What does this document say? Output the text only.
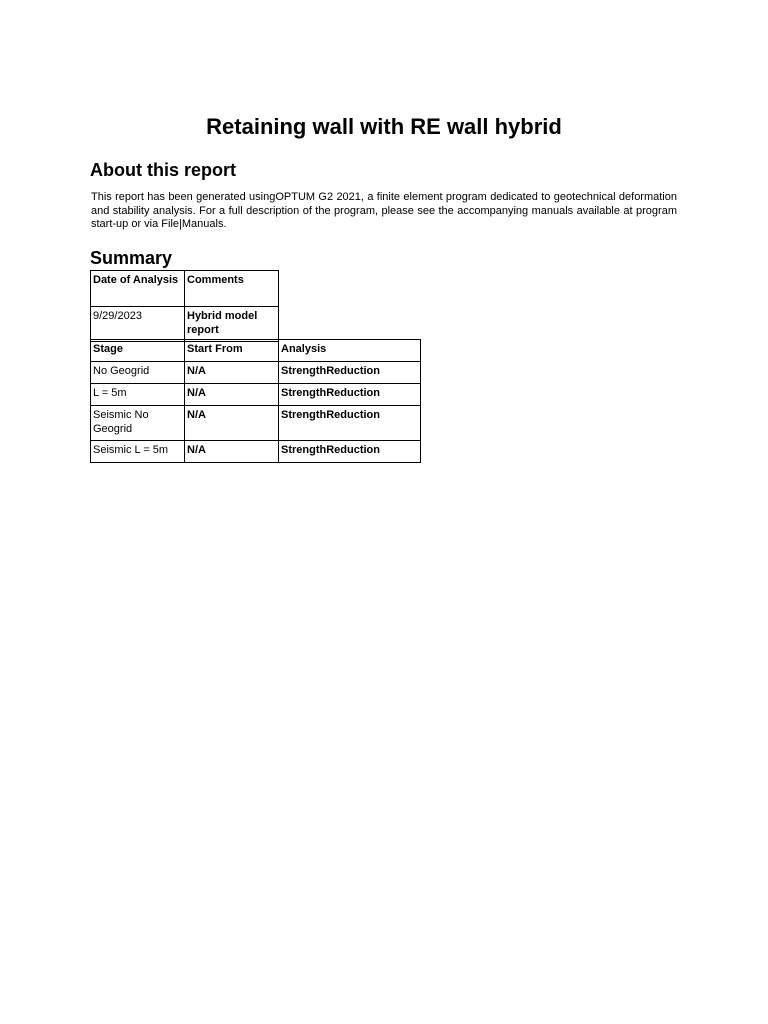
Retaining wall with RE wall hybrid
About this report

This report has been generated usingOPTUM G2 2021, a finite element program dedicated to geotechnical deformation and stability analysis. For a full description of the program, please see the accompanying manuals available at program start-up or via File|Manuals.

Summary
Date of Analysis	Comments
9/29/2023	Hybrid model report
Stage	Start From	Analysis
No Geogrid	N/A	StrengthReduction
L = 5m	N/A	StrengthReduction
Seismic No Geogrid	N/A	StrengthReduction
Seismic L = 5m	N/A	StrengthReduction
